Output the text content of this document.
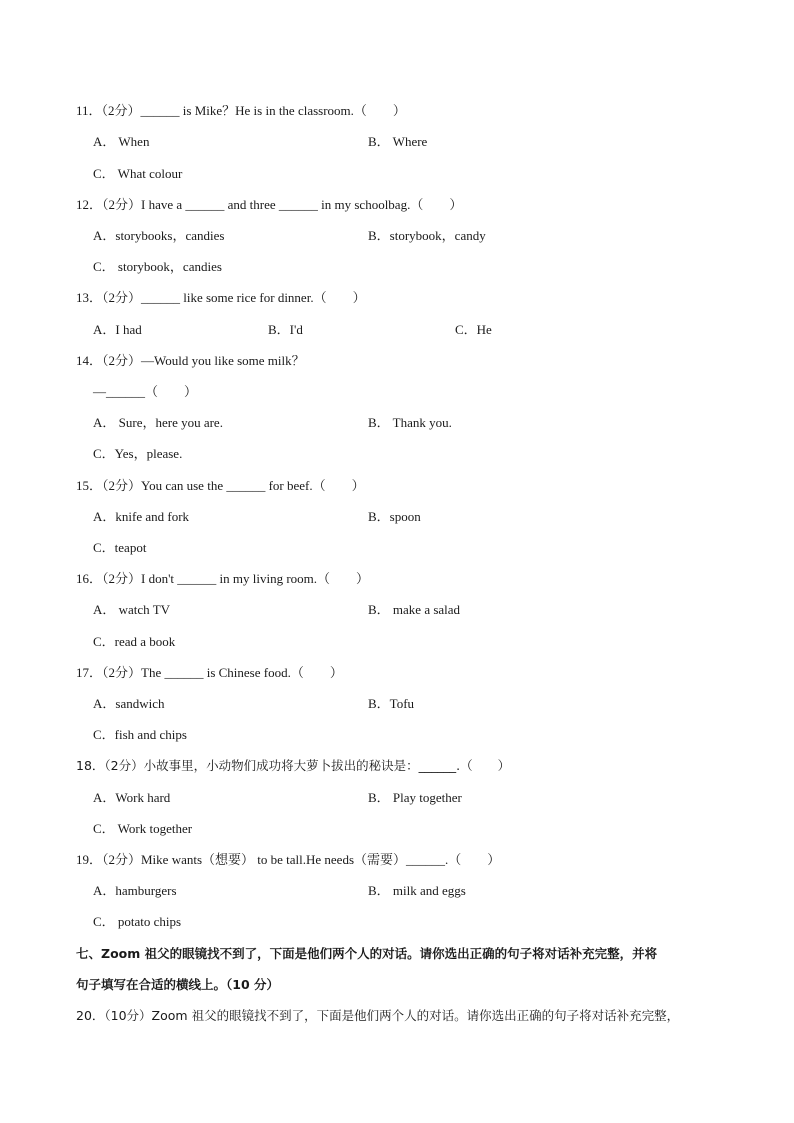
11．（2分）______ is Mike？He is in the classroom.（　　）
A． When	B． Where
C． What colour
12．（2分）I have a ______ and three ______ in my schoolbag.（　　）
A．storybooks，candies	B．storybook，candy
C． storybook，candies
13．（2分）______ like some rice for dinner.（　　）
A．I had	B．I'd	C．He
14．（2分）—Would you like some milk？
—______（　　）
A． Sure，here you are.	B． Thank you.
C．Yes，please.
15．（2分）You can use the ______ for beef.（　　）
A．knife and fork	B．spoon
C．teapot
16．（2分）I don't ______ in my living room.（　　）
A． watch TV	B． make a salad
C．read a book
17．（2分）The ______ is Chinese food.（　　）
A．sandwich	B．Tofu
C．fish and chips
18．（2分）小故事里，小动物们成功将大萝卜拔出的秘诀是：______.（　　）
A．Work hard	B． Play together
C． Work together
19．（2分）Mike wants（想要） to be tall.He needs（需要）______.（　　）
A．hamburgers	B． milk and eggs
C． potato chips
七、Zoom 祖父的眼镜找不到了，下面是他们两个人的对话。请你选出正确的句子将对话补充完整，并将
句子填写在合适的横线上。（10 分）
20．（10分）Zoom 祖父的眼镜找不到了，下面是他们两个人的对话。请你选出正确的句子将对话补充完整，
